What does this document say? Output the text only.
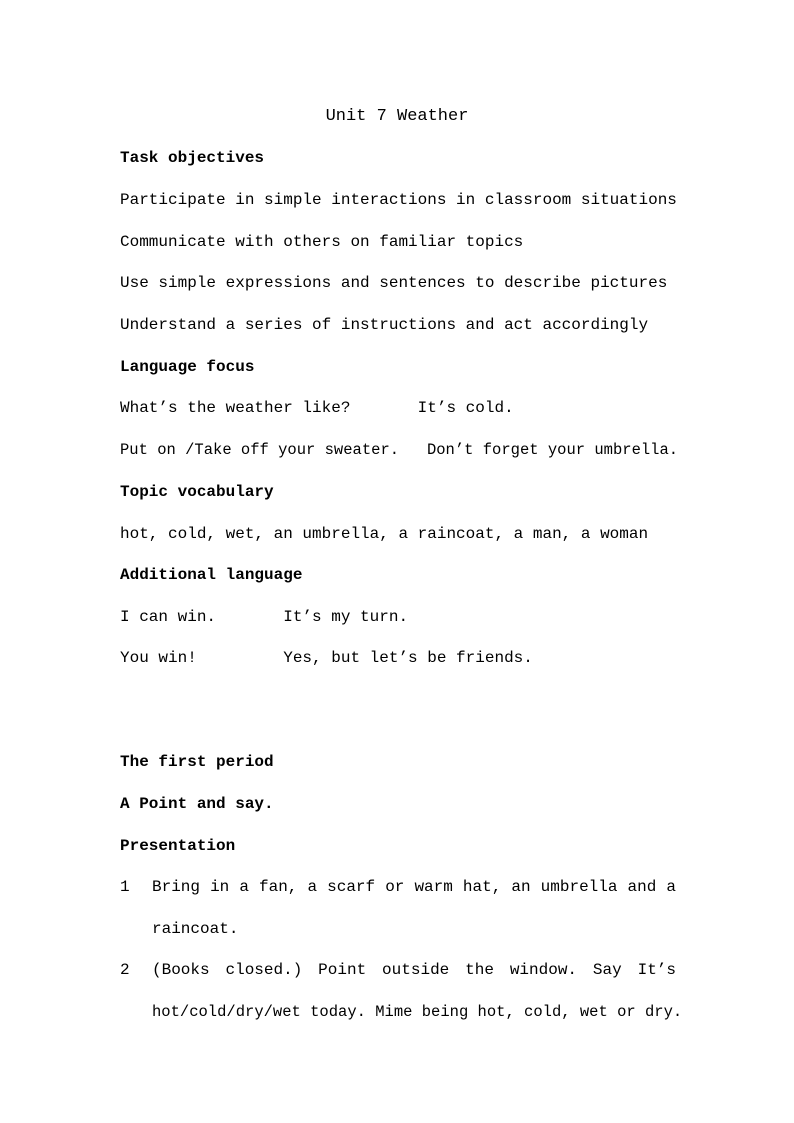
Unit 7 Weather
Task objectives
Participate in simple interactions in classroom situations
Communicate with others on familiar topics
Use simple expressions and sentences to describe pictures
Understand a series of instructions and act accordingly
Language focus
What’s the weather like?       It’s cold.
Put on /Take off your sweater.   Don’t forget your umbrella.
Topic vocabulary
hot, cold, wet, an umbrella, a raincoat, a man, a woman
Additional language
I can win.       It’s my turn.
You win!         Yes, but let’s be friends.
The first period
A Point and say.
Presentation
1 Bring in a fan, a scarf or warm hat, an umbrella and a
raincoat.
2 (Books closed.) Point outside the window. Say It’s
hot/cold/dry/wet today. Mime being hot, cold, wet or dry.
